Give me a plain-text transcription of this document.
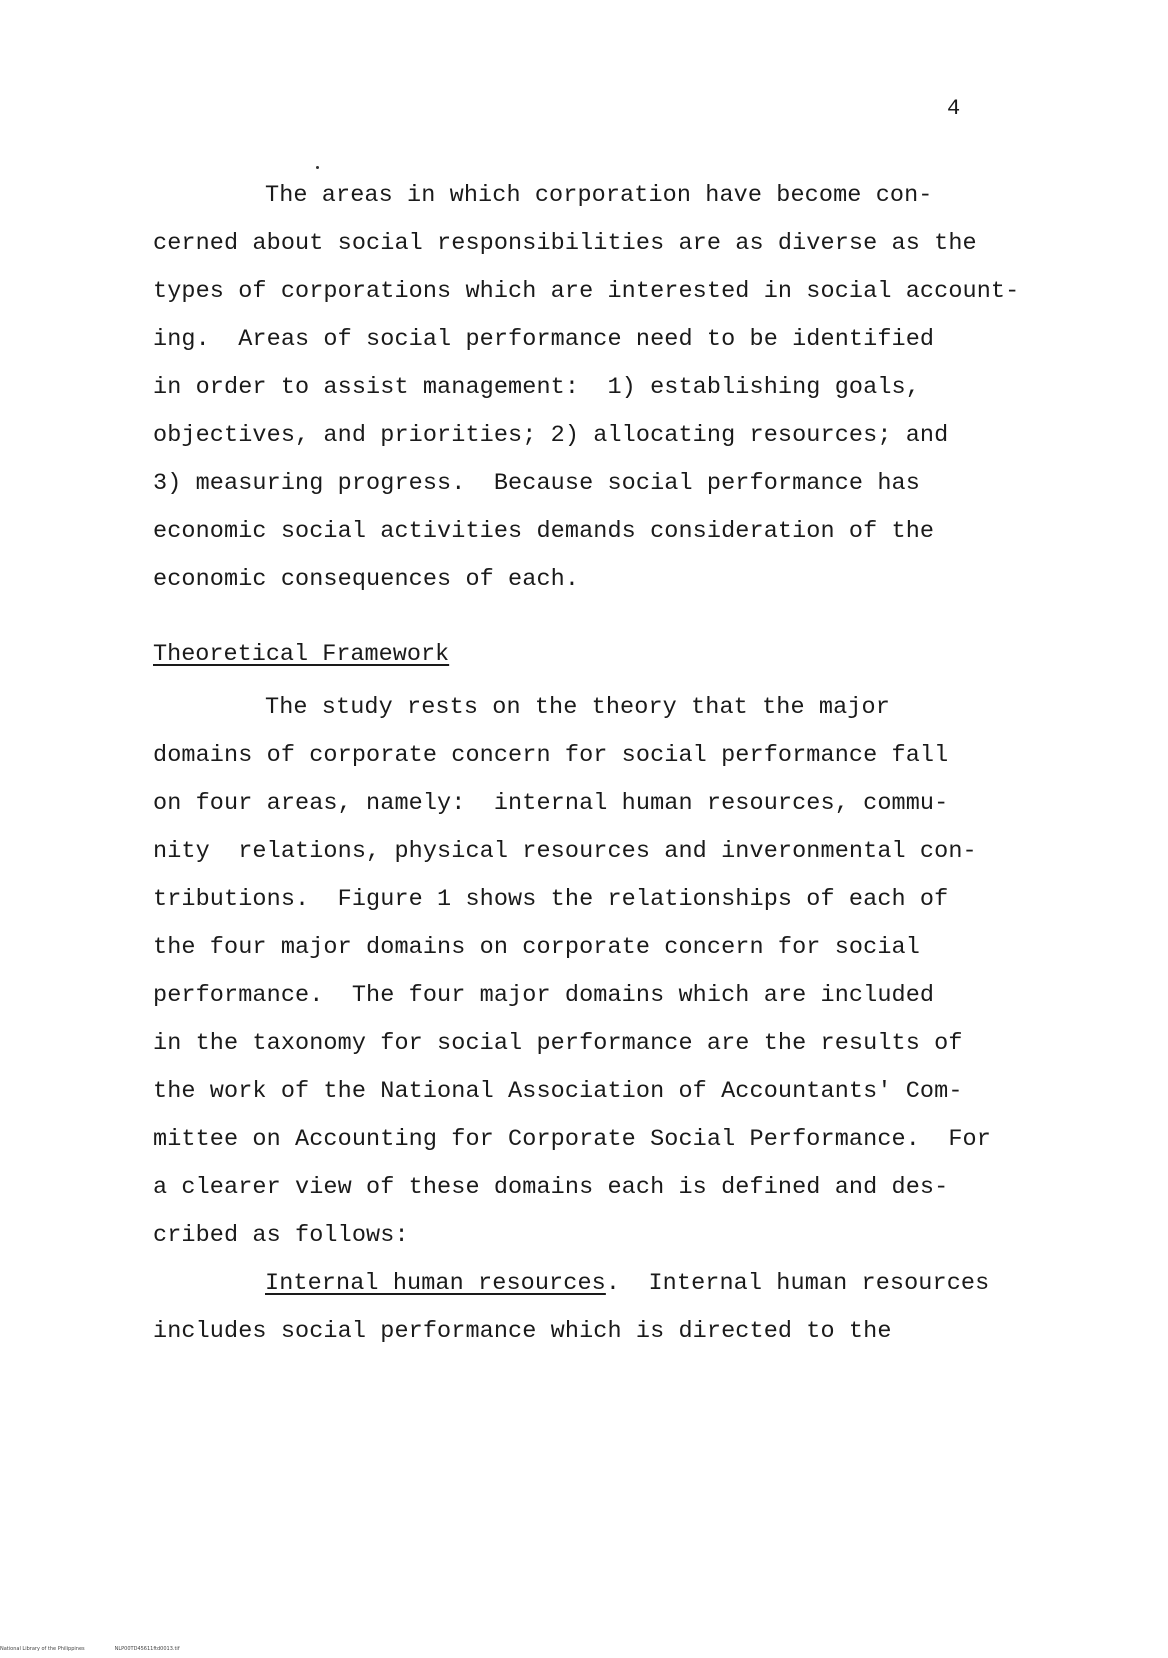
4
The areas in which corporation have become con-
cerned about social responsibilities are as diverse as the
types of corporations which are interested in social account-
ing.  Areas of social performance need to be identified
in order to assist management:  1) establishing goals,
objectives, and priorities; 2) allocating resources; and
3) measuring progress.  Because social performance has
economic social activities demands consideration of the
economic consequences of each.
Theoretical Framework
The study rests on the theory that the major
domains of corporate concern for social performance fall
on four areas, namely:  internal human resources, commu-
nity  relations, physical resources and inveronmental con-
tributions.  Figure 1 shows the relationships of each of
the four major domains on corporate concern for social
performance.  The four major domains which are included
in the taxonomy for social performance are the results of
the work of the National Association of Accountants' Com-
mittee on Accounting for Corporate Social Performance.  For
a clearer view of these domains each is defined and des-
cribed as follows:
Internal human resources.  Internal human resources
includes social performance which is directed to the
National Library of the Philippines	NLP00TD45611ftd0013.tif
